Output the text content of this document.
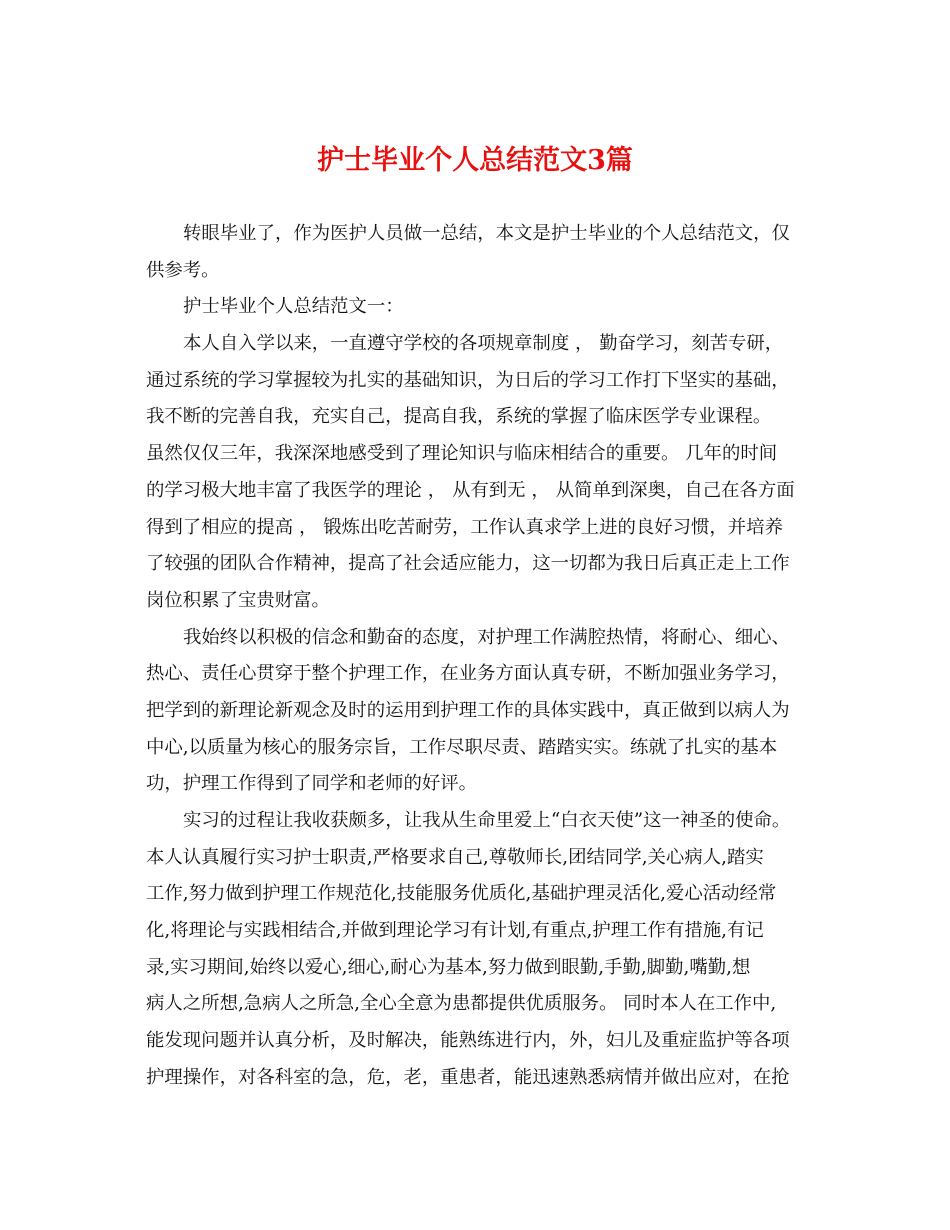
护士毕业个人总结范文3篇
转眼毕业了，作为医护人员做一总结，本文是护士毕业的个人总结范文，仅
供参考。
护士毕业个人总结范文一：
本人自入学以来，一直遵守学校的各项规章制度 ， 勤奋学习，刻苦专研，
通过系统的学习掌握较为扎实的基础知识，为日后的学习工作打下坚实的基础，
我不断的完善自我，充实自己，提高自我，系统的掌握了临床医学专业课程。
虽然仅仅三年，我深深地感受到了理论知识与临床相结合的重要。 几年的时间
的学习极大地丰富了我医学的理论 ， 从有到无 ， 从简单到深奥，自己在各方面
得到了相应的提高 ， 锻炼出吃苦耐劳，工作认真求学上进的良好习惯，并培养
了较强的团队合作精神，提高了社会适应能力，这一切都为我日后真正走上工作
岗位积累了宝贵财富。
我始终以积极的信念和勤奋的态度，对护理工作满腔热情，将耐心、细心、
热心、责任心贯穿于整个护理工作，在业务方面认真专研，不断加强业务学习，
把学到的新理论新观念及时的运用到护理工作的具体实践中，真正做到以病人为
中心,以质量为核心的服务宗旨，工作尽职尽责、踏踏实实。练就了扎实的基本
功，护理工作得到了同学和老师的好评。
实习的过程让我收获颇多，让我从生命里爱上“白衣天使”这一神圣的使命。
本人认真履行实习护士职责,严格要求自己,尊敬师长,团结同学,关心病人,踏实
工作,努力做到护理工作规范化,技能服务优质化,基础护理灵活化,爱心活动经常
化,将理论与实践相结合,并做到理论学习有计划,有重点,护理工作有措施,有记
录,实习期间,始终以爱心,细心,耐心为基本,努力做到眼勤,手勤,脚勤,嘴勤,想
病人之所想,急病人之所急,全心全意为患都提供优质服务。 同时本人在工作中,
能发现问题并认真分析，及时解决，能熟练进行内，外，妇儿及重症监护等各项
护理操作，对各科室的急，危，老，重患者，能迅速熟悉病情并做出应对，在抢
